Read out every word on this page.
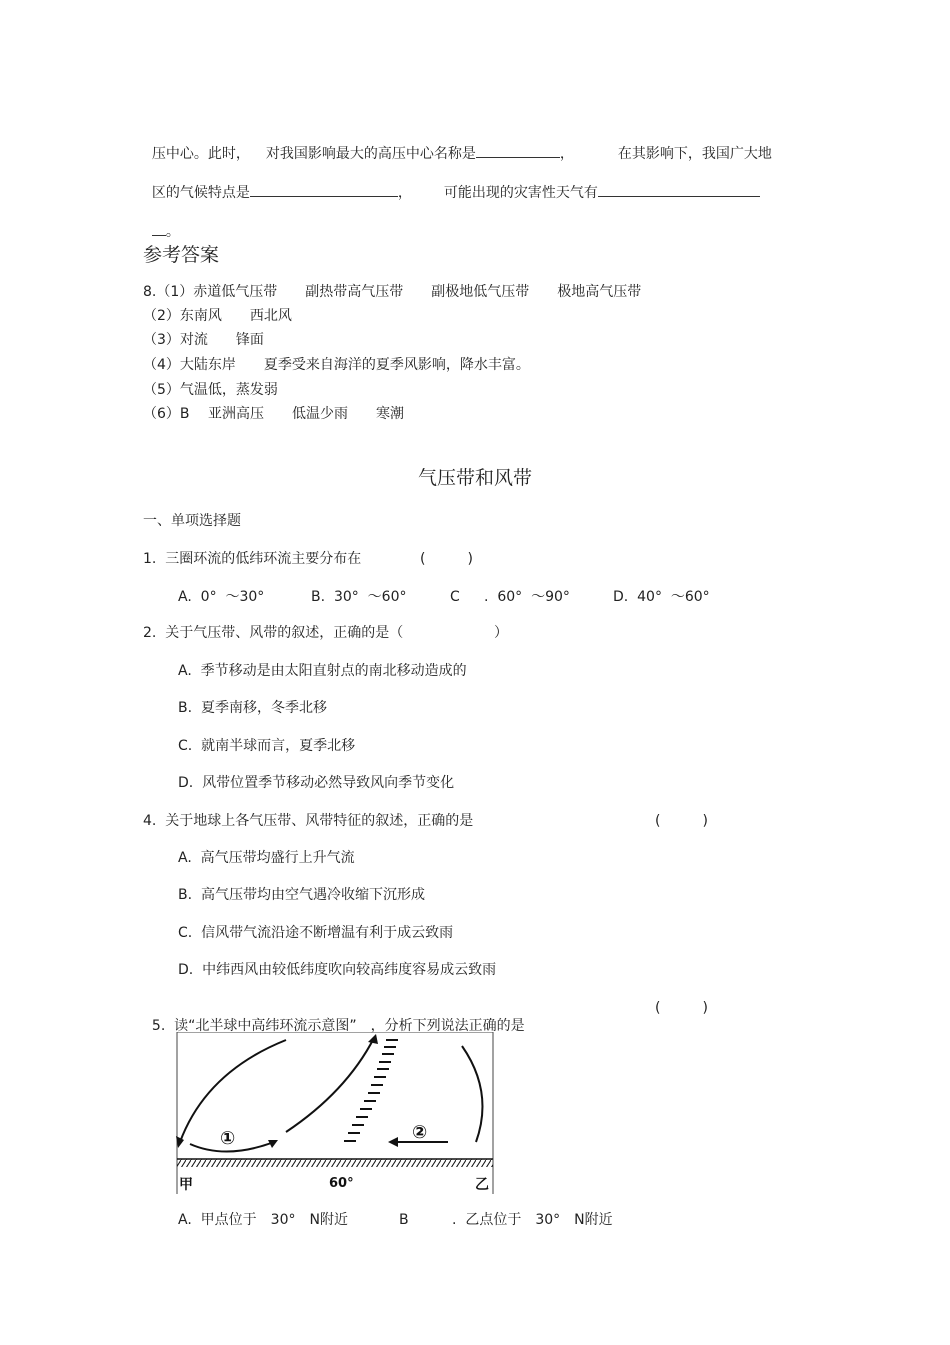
压中心。此时， 对我国影响最大的高压中心名称是	，	在其影响下，我国广大地

区的气候特点是	， 可能出现的灾害性天气有

。

参考答案
8.（1）赤道低气压带　　副热带高气压带　　副极地低气压带　　极地高气压带
（2）东南风　　西北风
（3）对流　　锋面
（4）大陆东岸　　夏季受来自海洋的夏季风影响，降水丰富。
（5）气温低，蒸发弱
（6）B　 亚洲高压　　低温少雨　　寒潮
气压带和风带
一、单项选择题
1.  三圈环流的低纬环流主要分布在	(　　　)
A.  0°  ～30°	B.  30°  ～60°	C .  60°  ～90°	D.  40°  ～60°
2.  关于气压带、风带的叙述，正确的是（	）
A.  季节移动是由太阳直射点的南北移动造成的
B.  夏季南移，冬季北移
C.  就南半球而言，夏季北移
D.  风带位置季节移动必然导致风向季节变化
4.  关于地球上各气压带、风带特征的叙述，正确的是	(　　　)
A.  高气压带均盛行上升气流
B.  高气压带均由空气遇冷收缩下沉形成
C.  信风带气流沿途不断增温有利于成云致雨
D.  中纬西风由较低纬度吹向较高纬度容易成云致雨

5.  读“北半球中高纬环流示意图” ，分析下列说法正确的是

(　　　)
①	②
甲	60°	乙
A.  甲点位于　30°　N附近	B	.  乙点位于　30°　N附近
